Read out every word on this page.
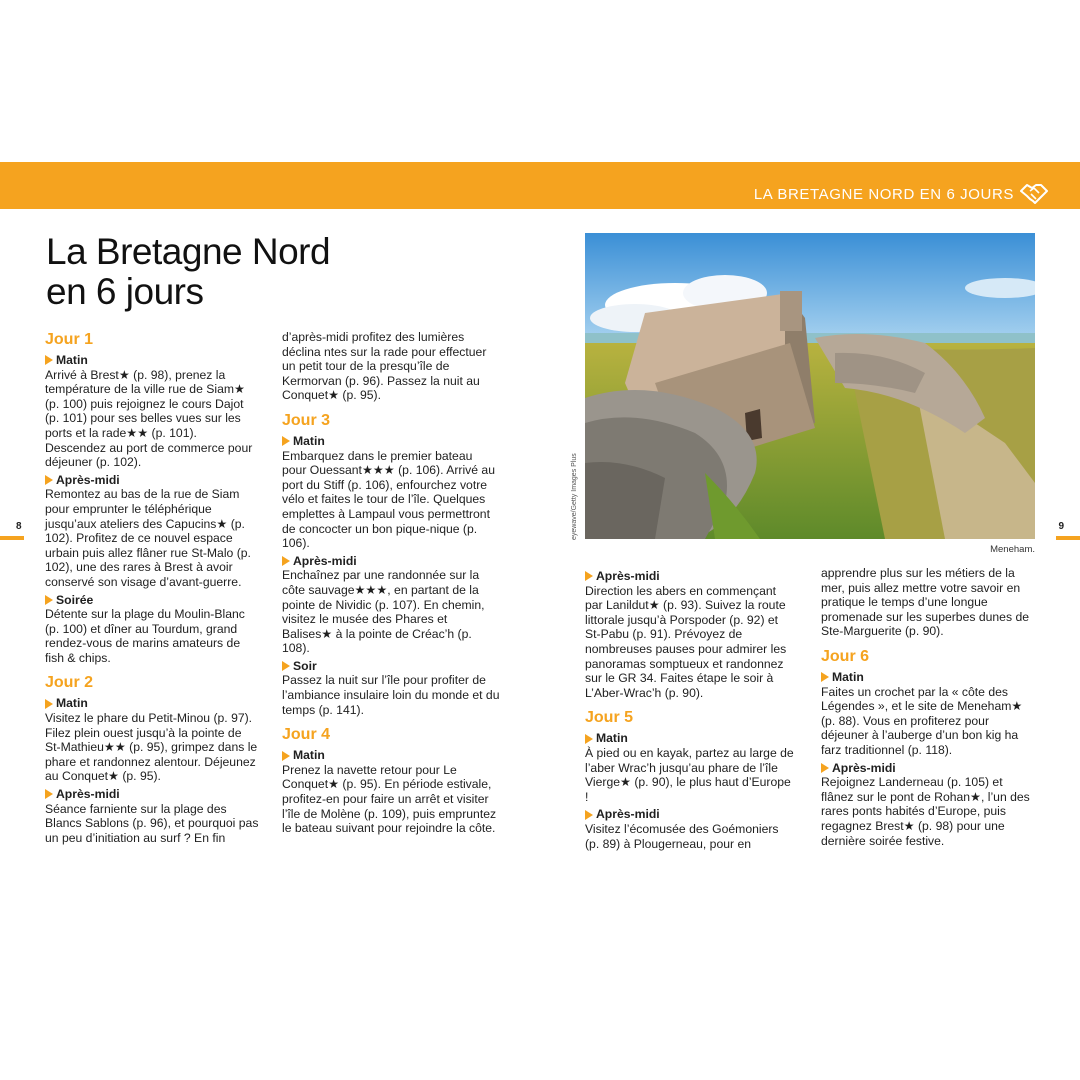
LA BRETAGNE NORD EN 6 JOURS
8	9
La Bretagne Nord
en 6 jours
Jour 1
Matin

Arrivé à Brest★ (p. 98), prenez la température de la ville rue de Siam★ (p. 100) puis rejoignez le cours Dajot (p. 101) pour ses belles vues sur les ports et la rade★★ (p. 101). Descendez au port de commerce pour déjeuner (p. 102).

Après-midi

Remontez au bas de la rue de Siam pour emprunter le téléphérique jusqu’aux ateliers des Capucins★ (p. 102). Profitez de ce nouvel espace urbain puis allez flâner rue St-Malo (p. 102), une des rares à Brest à avoir conservé son visage d’avant-guerre.

Soirée

Détente sur la plage du Moulin-Blanc (p. 100) et dîner au Tourdum, grand rendez-vous de marins amateurs de fish & chips.

Jour 2
Matin

Visitez le phare du Petit-Minou (p. 97). Filez plein ouest jusqu’à la pointe de St-Mathieu★★ (p. 95), grimpez dans le phare et randonnez alentour. Déjeunez au Conquet★ (p. 95).

Après-midi

Séance farniente sur la plage des Blancs Sablons (p. 96), et pourquoi pas un peu d’initiation au surf ? En fin

d’après-midi profitez des lumières déclina ntes sur la rade pour effectuer un petit tour de la presqu’île de Kermorvan (p. 96). Passez la nuit au Conquet★ (p. 95).

Jour 3
Matin

Embarquez dans le premier bateau pour Ouessant★★★ (p. 106). Arrivé au port du Stiff (p. 106), enfourchez votre vélo et faites le tour de l’île. Quelques emplettes à Lampaul vous permettront de concocter un bon pique-nique (p. 106).

Après-midi

Enchaînez par une randonnée sur la côte sauvage★★★, en partant de la pointe de Nividic (p. 107). En chemin, visitez le musée des Phares et Balises★ à la pointe de Créac’h (p. 108).

Soir

Passez la nuit sur l’île pour profiter de l’ambiance insulaire loin du monde et du temps (p. 141).

Jour 4
Matin

Prenez la navette retour pour Le Conquet★ (p. 95). En période estivale, profitez-en pour faire un arrêt et visiter l’île de Molène (p. 109), puis empruntez le bateau suivant pour rejoindre la côte.

Après-midi

Direction les abers en commençant par Lanildut★ (p. 93). Suivez la route littorale jusqu’à Porspoder (p. 92) et St-Pabu (p. 91). Prévoyez de nombreuses pauses pour admirer les panoramas somptueux et randonnez sur le GR 34. Faites étape le soir à L’Aber-Wrac’h (p. 90).

Jour 5
Matin

À pied ou en kayak, partez au large de l’aber Wrac’h jusqu’au phare de l’île Vierge★ (p. 90), le plus haut d’Europe !

Après-midi

Visitez l’écomusée des Goémoniers (p. 89) à Plougerneau, pour en

apprendre plus sur les métiers de la mer, puis allez mettre votre savoir en pratique le temps d’une longue promenade sur les superbes dunes de Ste-Marguerite (p. 90).

Jour 6
Matin

Faites un crochet par la « côte des Légendes », et le site de Meneham★ (p. 88). Vous en profiterez pour déjeuner à l’auberge d’un bon kig ha farz traditionnel (p. 118).

Après-midi

Rejoignez Landerneau (p. 105) et flânez sur le pont de Rohan★, l’un des rares ponts habités d’Europe, puis regagnez Brest★ (p. 98) pour une dernière soirée festive.

eyewave/Getty Images Plus
Meneham.
